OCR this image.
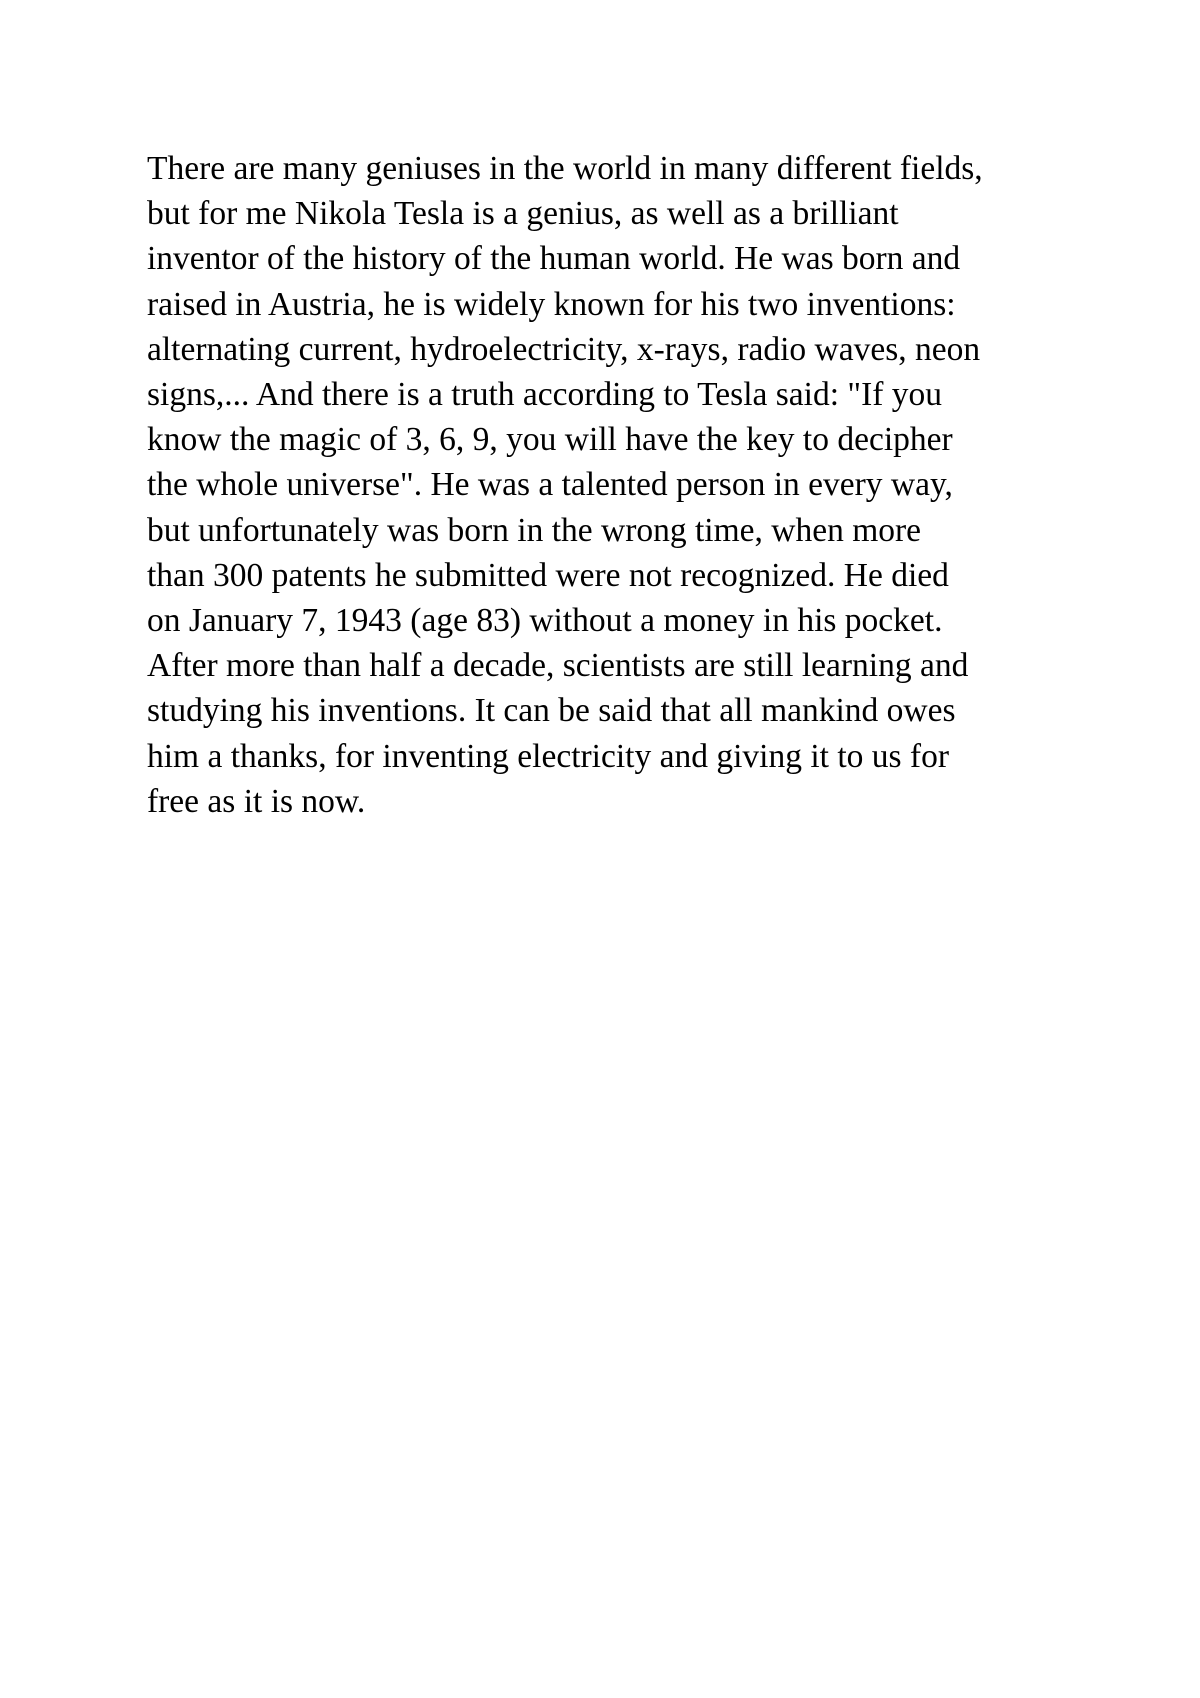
There are many geniuses in the world in many different fields,
but for me Nikola Tesla is a genius, as well as a brilliant
inventor of the history of the human world. He was born and
raised in Austria, he is widely known for his two inventions:
alternating current, hydroelectricity, x-rays, radio waves, neon
signs,... And there is a truth according to Tesla said: "If you
know the magic of 3, 6, 9, you will have the key to decipher
the whole universe". He was a talented person in every way,
but unfortunately was born in the wrong time, when more
than 300 patents he submitted were not recognized. He died
on January 7, 1943 (age 83) without a money in his pocket.
After more than half a decade, scientists are still learning and
studying his inventions. It can be said that all mankind owes
him a thanks, for inventing electricity and giving it to us for
free as it is now.
